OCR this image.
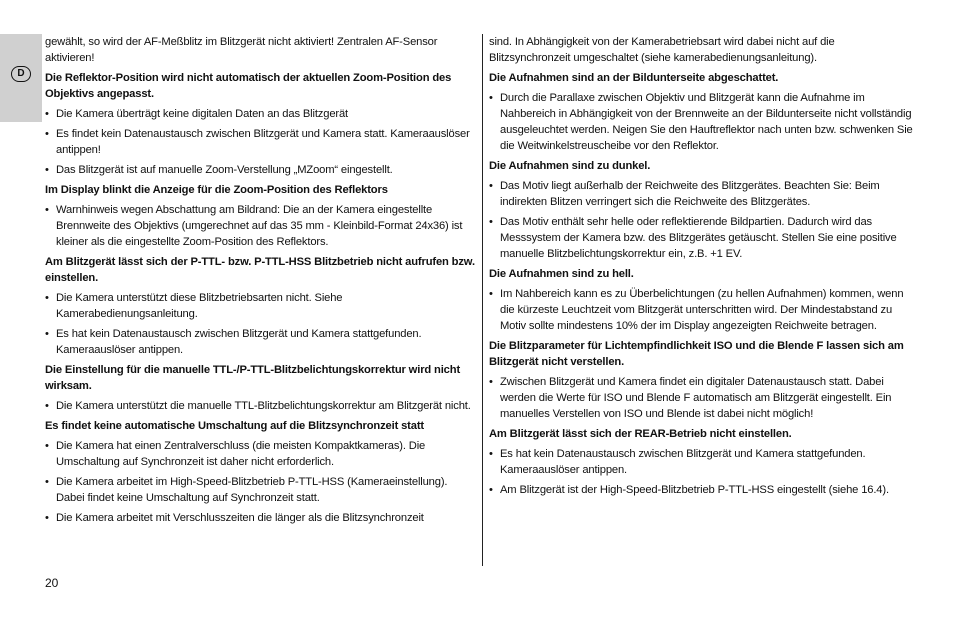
D

gewählt, so wird der AF-Meßblitz im Blitzgerät nicht aktiviert! Zentralen AF-Sensor aktivieren!

Die Reflektor-Position wird nicht automatisch der aktuellen Zoom-Position des Objektivs angepasst.

• Die Kamera überträgt keine digitalen Daten an das Blitzgerät

• Es findet kein Datenaustausch zwischen Blitzgerät und Kamera statt. Kameraauslöser antippen!

• Das Blitzgerät ist auf manuelle Zoom-Verstellung „MZoom“ eingestellt.

Im Display blinkt die Anzeige für die Zoom-Position des Reflektors

• Warnhinweis wegen Abschattung am Bildrand: Die an der Kamera eingestellte Brennweite des Objektivs (umgerechnet auf das 35 mm - Kleinbild-Format 24x36) ist kleiner als die eingestellte Zoom-Position des Reflektors.

Am Blitzgerät lässt sich der P-TTL- bzw. P-TTL-HSS Blitzbetrieb nicht aufrufen bzw. einstellen.

• Die Kamera unterstützt diese Blitzbetriebsarten nicht. Siehe Kamerabedienungsanleitung.

• Es hat kein Datenaustausch zwischen Blitzgerät und Kamera stattgefunden. Kameraauslöser antippen.

Die Einstellung für die manuelle TTL-/P-TTL-Blitzbelichtungskorrektur wird nicht wirksam.

• Die Kamera unterstützt die manuelle TTL-Blitzbelichtungskorrektur am Blitzgerät nicht.

Es findet keine automatische Umschaltung auf die Blitzsynchronzeit statt

• Die Kamera hat einen Zentralverschluss (die meisten Kompaktkameras). Die Umschaltung auf Synchronzeit ist daher nicht erforderlich.

• Die Kamera arbeitet im High-Speed-Blitzbetrieb P-TTL-HSS (Kameraeinstellung). Dabei findet keine Umschaltung auf Synchronzeit statt.

• Die Kamera arbeitet mit Verschlusszeiten die länger als die Blitzsynchronzeit

sind. In Abhängigkeit von der Kamerabetriebsart wird dabei nicht auf die Blitzsynchronzeit umgeschaltet (siehe kamerabedienungsanleitung).

Die Aufnahmen sind an der Bildunterseite abgeschattet.

• Durch die Parallaxe zwischen Objektiv und Blitzgerät kann die Aufnahme im Nahbereich in Abhängigkeit von der Brennweite an der Bildunterseite nicht vollständig ausgeleuchtet werden. Neigen Sie den Hauftreflektor nach unten bzw. schwenken Sie die Weitwinkelstreuscheibe vor den Reflektor.

Die Aufnahmen sind zu dunkel.

• Das Motiv liegt außerhalb der Reichweite des Blitzgerätes. Beachten Sie: Beim indirekten Blitzen verringert sich die Reichweite des Blitzgerätes.

• Das Motiv enthält sehr helle oder reflektierende Bildpartien. Dadurch wird das Messsystem der Kamera bzw. des Blitzgerätes getäuscht. Stellen Sie eine positive manuelle Blitzbelichtungskorrektur ein, z.B. +1 EV.

Die Aufnahmen sind zu hell.

• Im Nahbereich kann es zu Überbelichtungen (zu hellen Aufnahmen) kommen, wenn die kürzeste Leuchtzeit vom Blitzgerät unterschritten wird. Der Mindestabstand zu Motiv sollte mindestens 10% der im Display angezeigten Reichweite betragen.

Die Blitzparameter für Lichtempfindlichkeit ISO und die Blende F lassen sich am Blitzgerät nicht verstellen.

• Zwischen Blitzgerät und Kamera findet ein digitaler Datenaustausch statt. Dabei werden die Werte für ISO und Blende F automatisch am Blitzgerät eingestellt. Ein manuelles Verstellen von ISO und Blende ist dabei nicht möglich!

Am Blitzgerät lässt sich der REAR-Betrieb nicht einstellen.

• Es hat kein Datenaustausch zwischen Blitzgerät und Kamera stattgefunden. Kameraauslöser antippen.

• Am Blitzgerät ist der High-Speed-Blitzbetrieb P-TTL-HSS eingestellt (siehe 16.4).

20
